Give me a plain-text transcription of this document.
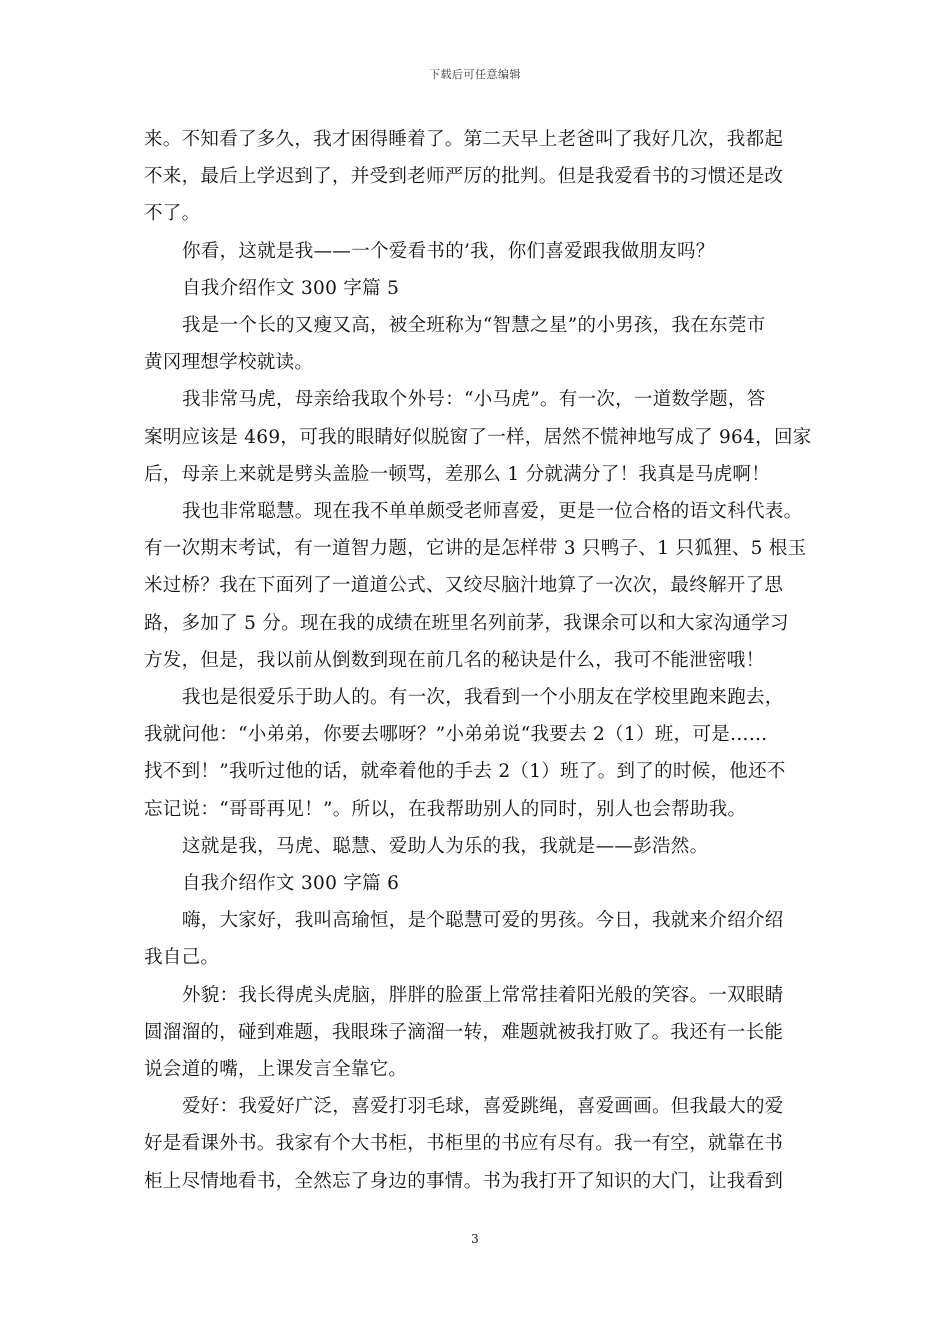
下载后可任意编辑
来。不知看了多久，我才困得睡着了。第二天早上老爸叫了我好几次，我都起
不来，最后上学迟到了，并受到老师严厉的批判。但是我爱看书的习惯还是改
不了。
你看，这就是我——一个爱看书的’我，你们喜爱跟我做朋友吗？
自我介绍作文 300 字篇 5
我是一个长的又瘦又高，被全班称为“智慧之星”的小男孩，我在东莞市
黄冈理想学校就读。
我非常马虎，母亲给我取个外号：“小马虎”。有一次，一道数学题，答
案明应该是 469，可我的眼睛好似脱窗了一样，居然不慌神地写成了 964，回家
后，母亲上来就是劈头盖脸一顿骂，差那么 1 分就满分了！我真是马虎啊！
我也非常聪慧。现在我不单单颇受老师喜爱，更是一位合格的语文科代表。
有一次期末考试，有一道智力题，它讲的是怎样带 3 只鸭子、1 只狐狸、5 根玉
米过桥？我在下面列了一道道公式、又绞尽脑汁地算了一次次，最终解开了思
路，多加了 5 分。现在我的成绩在班里名列前茅，我课余可以和大家沟通学习
方发，但是，我以前从倒数到现在前几名的秘诀是什么，我可不能泄密哦！
我也是很爱乐于助人的。有一次，我看到一个小朋友在学校里跑来跑去，
我就问他：“小弟弟，你要去哪呀？”小弟弟说“我要去 2（1）班，可是……
找不到！”我听过他的话，就牵着他的手去 2（1）班了。到了的时候，他还不
忘记说：“哥哥再见！”。所以，在我帮助别人的同时，别人也会帮助我。
这就是我，马虎、聪慧、爱助人为乐的我，我就是——彭浩然。
自我介绍作文 300 字篇 6
嗨，大家好，我叫高瑜恒，是个聪慧可爱的男孩。今日，我就来介绍介绍
我自己。
外貌：我长得虎头虎脑，胖胖的脸蛋上常常挂着阳光般的笑容。一双眼睛
圆溜溜的，碰到难题，我眼珠子滴溜一转，难题就被我打败了。我还有一长能
说会道的嘴，上课发言全靠它。
爱好：我爱好广泛，喜爱打羽毛球，喜爱跳绳，喜爱画画。但我最大的爱
好是看课外书。我家有个大书柜，书柜里的书应有尽有。我一有空，就靠在书
柜上尽情地看书，全然忘了身边的事情。书为我打开了知识的大门，让我看到
3
